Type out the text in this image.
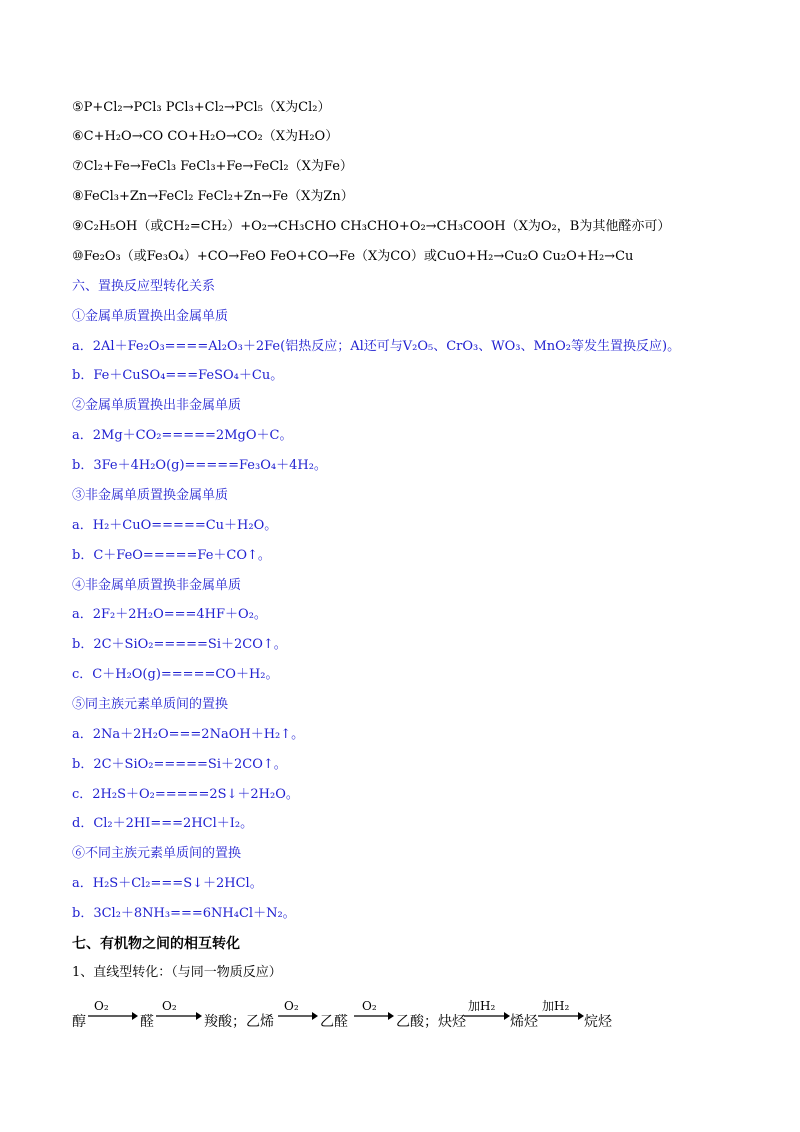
⑤P+Cl₂→PCl₃ PCl₃+Cl₂→PCl₅（X为Cl₂）
⑥C+H₂O→CO CO+H₂O→CO₂（X为H₂O）
⑦Cl₂+Fe→FeCl₃ FeCl₃+Fe→FeCl₂（X为Fe）
⑧FeCl₃+Zn→FeCl₂ FeCl₂+Zn→Fe（X为Zn）
⑨C₂H₅OH（或CH₂=CH₂）+O₂→CH₃CHO CH₃CHO+O₂→CH₃COOH（X为O₂，B为其他醛亦可）
⑩Fe₂O₃（或Fe₃O₄）+CO→FeO FeO+CO→Fe（X为CO）或CuO+H₂→Cu₂O Cu₂O+H₂→Cu
六、置换反应型转化关系
①金属单质置换出金属单质
a．2Al＋Fe₂O₃====Al₂O₃＋2Fe(铝热反应；Al还可与V₂O₅、CrO₃、WO₃、MnO₂等发生置换反应)。
b．Fe＋CuSO₄===FeSO₄＋Cu。
②金属单质置换出非金属单质
a．2Mg＋CO₂=====2MgO＋C。
b．3Fe＋4H₂O(g)=====Fe₃O₄＋4H₂。
③非金属单质置换金属单质
a．H₂＋CuO=====Cu＋H₂O。
b．C＋FeO=====Fe＋CO↑。
④非金属单质置换非金属单质
a．2F₂＋2H₂O===4HF＋O₂。
b．2C＋SiO₂=====Si＋2CO↑。
c．C＋H₂O(g)=====CO＋H₂。
⑤同主族元素单质间的置换
a．2Na＋2H₂O===2NaOH＋H₂↑。
b．2C＋SiO₂=====Si＋2CO↑。
c．2H₂S＋O₂=====2S↓＋2H₂O。
d．Cl₂＋2HI===2HCl＋I₂。
⑥不同主族元素单质间的置换
a．H₂S＋Cl₂===S↓＋2HCl。
b．3Cl₂＋8NH₃===6NH₄Cl＋N₂。
七、有机物之间的相互转化
1、直线型转化：（与同一物质反应）
醇
O₂
醛
O₂
羧酸；乙烯
O₂
乙醛
O₂
乙酸；炔烃
加H₂
烯烃
加H₂
烷烃
